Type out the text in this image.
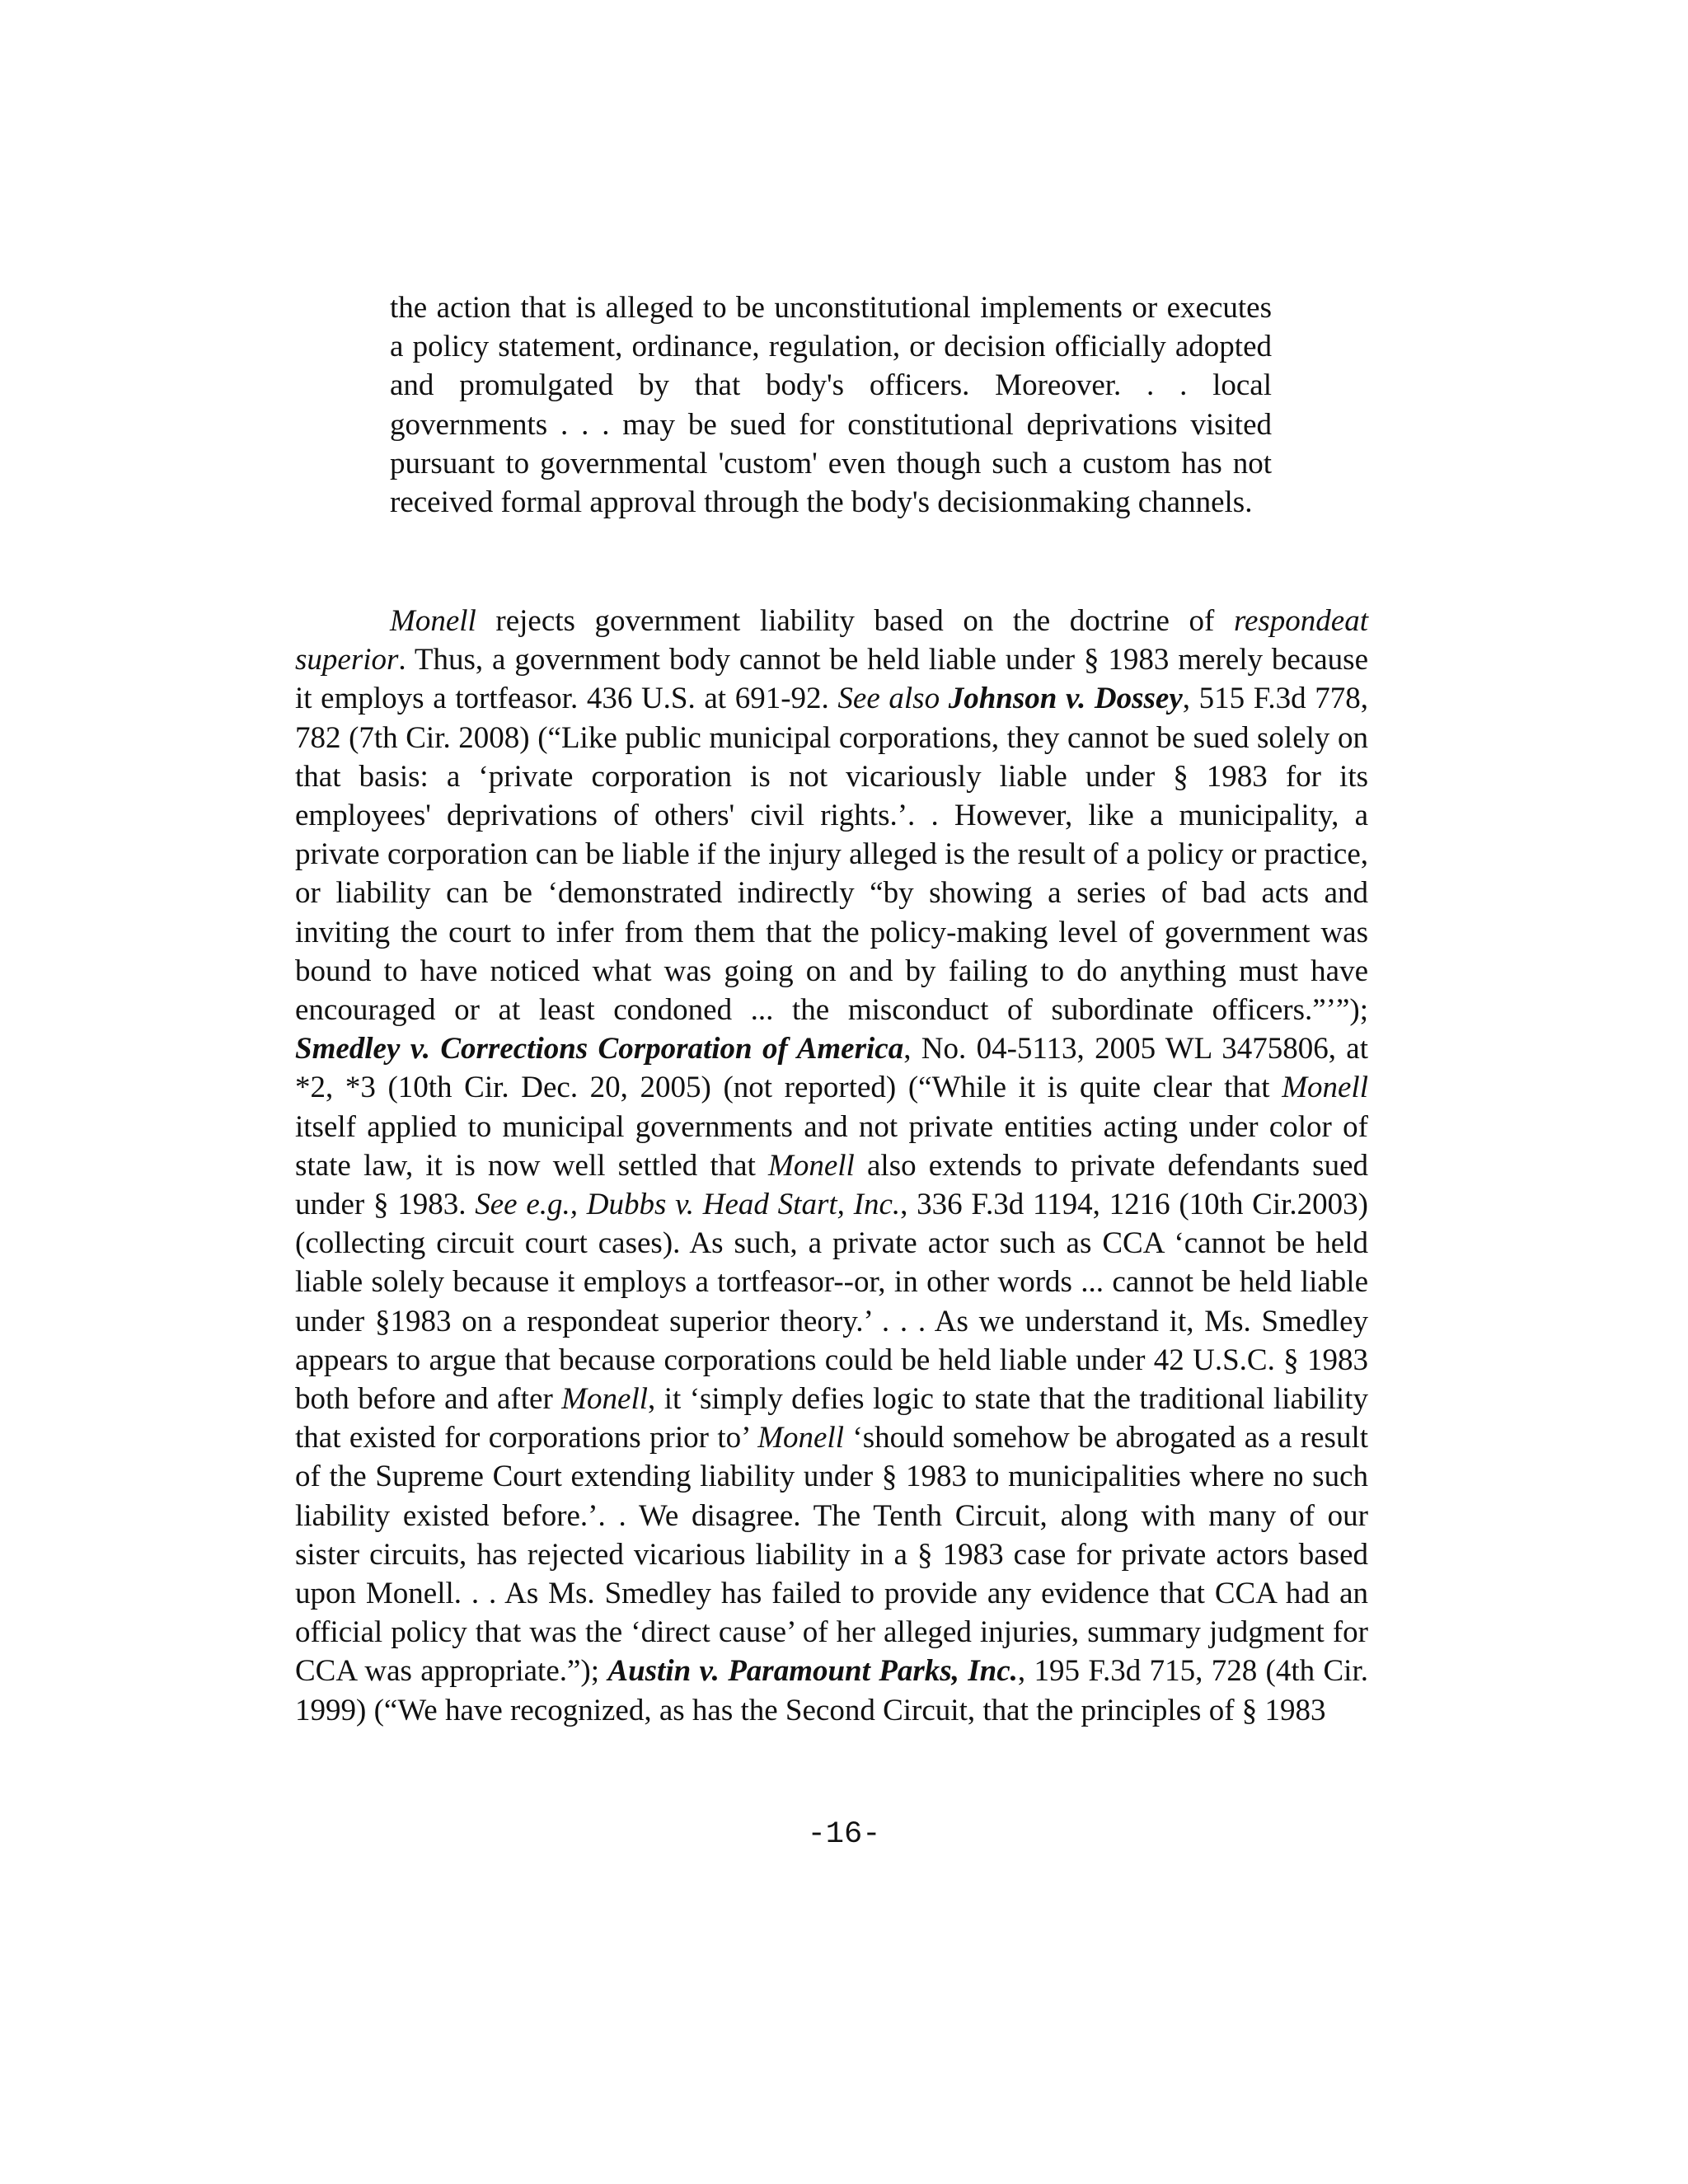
the action that is alleged to be unconstitutional implements or executes a policy statement, ordinance, regulation, or decision officially adopted and promulgated by that body's officers. Moreover. . . local governments . . . may be sued for constitutional deprivations visited pursuant to governmental 'custom' even though such a custom has not received formal approval through the body's decisionmaking channels.

Monell rejects government liability based on the doctrine of respondeat superior. Thus, a government body cannot be held liable under § 1983 merely because it employs a tortfeasor. 436 U.S. at 691-92. See also Johnson v. Dossey, 515 F.3d 778, 782 (7th Cir. 2008) (“Like public municipal corporations, they cannot be sued solely on that basis: a ‘private corporation is not vicariously liable under § 1983 for its employees' deprivations of others' civil rights.’. . However, like a municipality, a private corporation can be liable if the injury alleged is the result of a policy or practice, or liability can be ‘demonstrated indirectly “by showing a series of bad acts and inviting the court to infer from them that the policy-making level of government was bound to have noticed what was going on and by failing to do anything must have encouraged or at least condoned ... the misconduct of subordinate officers.”’”); Smedley v. Corrections Corporation of America, No. 04-5113, 2005 WL 3475806, at *2, *3 (10th Cir. Dec. 20, 2005) (not reported) (“While it is quite clear that Monell itself applied to municipal governments and not private entities acting under color of state law, it is now well settled that Monell also extends to private defendants sued under § 1983. See e.g., Dubbs v. Head Start, Inc., 336 F.3d 1194, 1216 (10th Cir.2003) (collecting circuit court cases). As such, a private actor such as CCA ‘cannot be held liable solely because it employs a tortfeasor--or, in other words ... cannot be held liable under §1983 on a respondeat superior theory.’ . . . As we understand it, Ms. Smedley appears to argue that because corporations could be held liable under 42 U.S.C. § 1983 both before and after Monell, it ‘simply defies logic to state that the traditional liability that existed for corporations prior to’ Monell ‘should somehow be abrogated as a result of the Supreme Court extending liability under § 1983 to municipalities where no such liability existed before.’. . We disagree. The Tenth Circuit, along with many of our sister circuits, has rejected vicarious liability in a § 1983 case for private actors based upon Monell. . . As Ms. Smedley has failed to provide any evidence that CCA had an official policy that was the ‘direct cause’ of her alleged injuries, summary judgment for CCA was appropriate.”); Austin v. Paramount Parks, Inc., 195 F.3d 715, 728 (4th Cir. 1999) (“We have recognized, as has the Second Circuit, that the principles of § 1983

-16-
